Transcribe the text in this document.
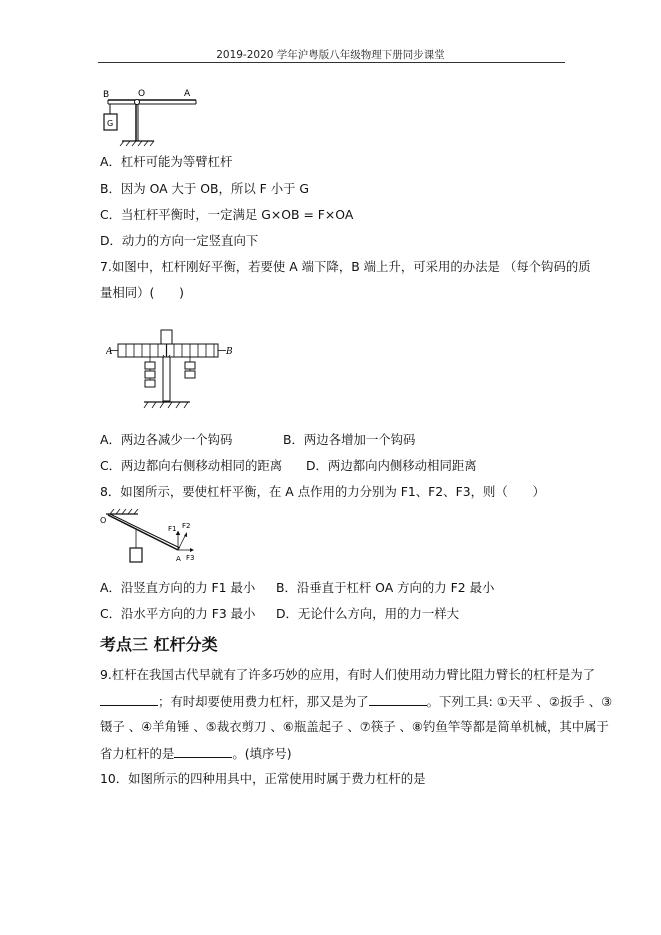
2019-2020 学年沪粤版八年级物理下册同步课堂
B	O	A
G
A．杠杆可能为等臂杠杆
B．因为 OA 大于 OB，所以 F 小于 G
C．当杠杆平衡时，一定满足 G×OB = F×OA
D．动力的方向一定竖直向下
7.如图中，杠杆刚好平衡，若要使 A 端下降，B 端上升，可采用的办法是 （每个钩码的质
量相同）(　　)
A	B
A．两边各减少一个钩码	B．两边各增加一个钩码
C．两边都向右侧移动相同的距离 D．两边都向内侧移动相同距离
8．如图所示，要使杠杆平衡，在 A 点作用的力分别为 F1、F2、F3，则（　　）
O
A
F1 F2
F3
A．沿竖直方向的力 F1 最小 B．沿垂直于杠杆 OA 方向的力 F2 最小
C．沿水平方向的力 F3 最小 D．无论什么方向，用的力一样大
考点三 杠杆分类
9.杠杆在我国古代早就有了许多巧妙的应用，有时人们使用动力臂比阻力臂长的杠杆是为了
；有时却要使用费力杠杆，那又是为了	。下列工具: ①天平 、②扳手 、③
镊子 、④羊角锤 、⑤裁衣剪刀 、⑥瓶盖起子 、⑦筷子 、⑧钓鱼竿等都是简单机械，其中属于
省力杠杆的是	。(填序号)
10．如图所示的四种用具中，正常使用时属于费力杠杆的是
